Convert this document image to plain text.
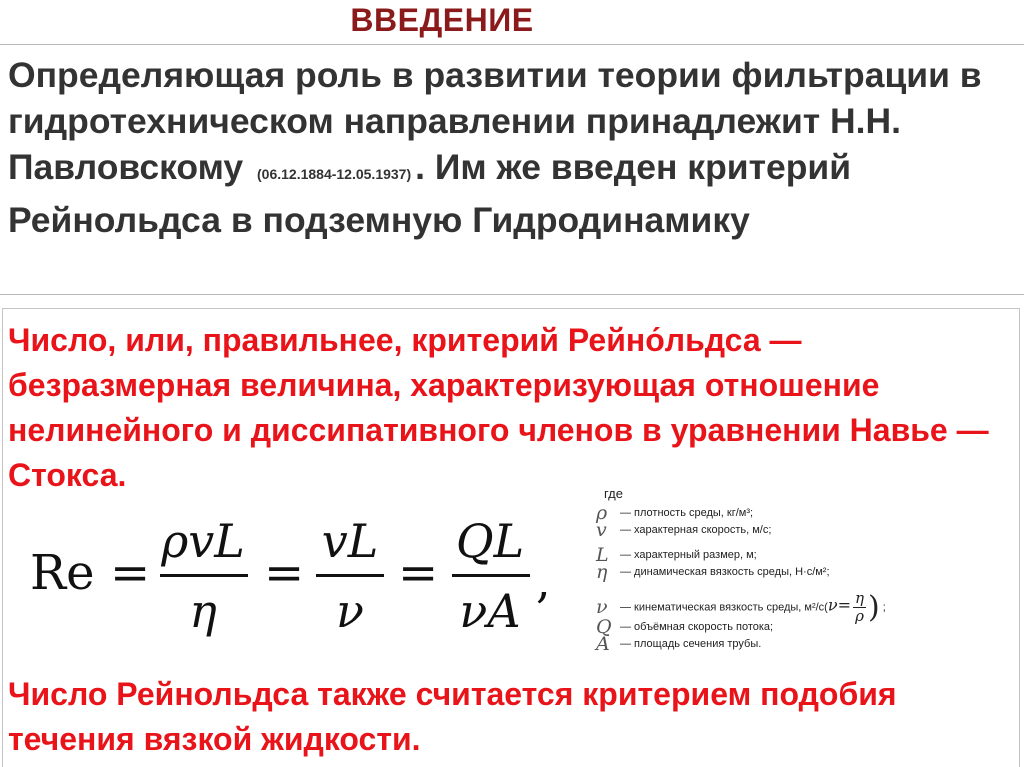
ВВЕДЕНИЕ
Определяющая роль в развитии теории фильтрации в гидротехническом направлении принадлежит Н.Н. Павловскому (06.12.1884-12.05.1937) . Им же введен критерий Рейнольдса в подземную Гидродинамику
Число, или, правильнее, критерий Рейно́льдса — безразмерная величина, характеризующая отношение нелинейного и диссипативного членов в уравнении Навье — Стокса.
Re =
ρvL
η
=
vL
ν
=
QL
νA
,
где
ρ — плотность среды, кг/м³;
v — характерная скорость, м/с;
L — характерный размер, м;
η — динамическая вязкость среды, Н·с/м²;
ν — кинематическая вязкость среды, $м^2/с(\nu= \frac{\eta}{\rho}$ ) ;
Q — объёмная скорость потока;
A — площадь сечения трубы.
Число Рейнольдса также считается критерием подобия течения вязкой жидкости.
